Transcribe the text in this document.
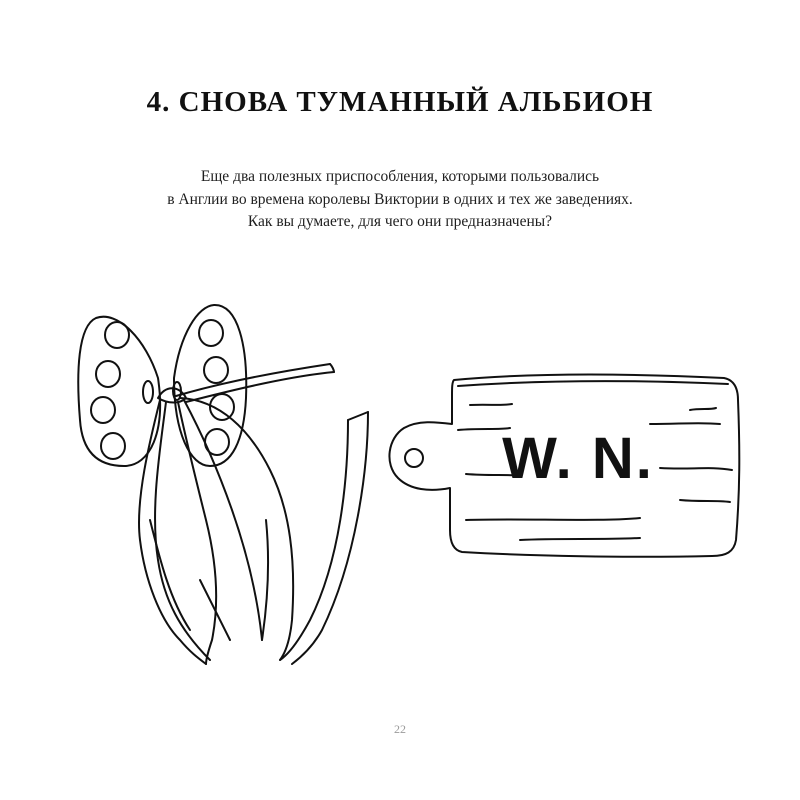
4. СНОВА ТУМАННЫЙ АЛЬБИОН
Еще два полезных приспособления, которыми пользовались
в Англии во времена королевы Виктории в одних и тех же заведениях.
Как вы думаете, для чего они предназначены?
W. N.
22
